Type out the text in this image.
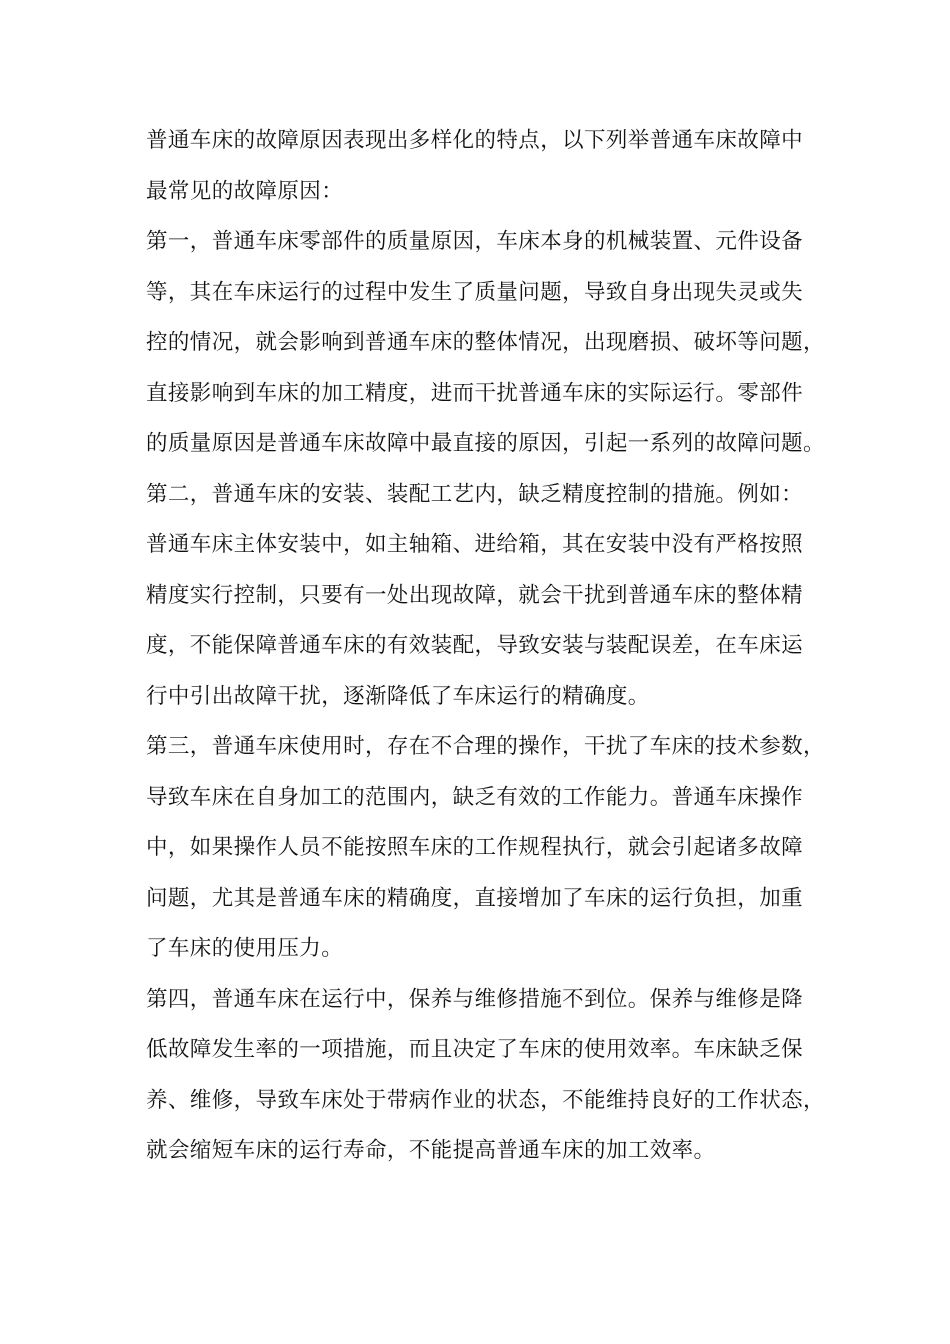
普通车床的故障原因表现出多样化的特点，以下列举普通车床故障中
最常见的故障原因：
第一，普通车床零部件的质量原因，车床本身的机械装置、元件设备
等，其在车床运行的过程中发生了质量问题，导致自身出现失灵或失
控的情况，就会影响到普通车床的整体情况，出现磨损、破坏等问题，
直接影响到车床的加工精度，进而干扰普通车床的实际运行。零部件
的质量原因是普通车床故障中最直接的原因，引起一系列的故障问题。
第二，普通车床的安装、装配工艺内，缺乏精度控制的措施。例如：
普通车床主体安装中，如主轴箱、进给箱，其在安装中没有严格按照
精度实行控制，只要有一处出现故障，就会干扰到普通车床的整体精
度，不能保障普通车床的有效装配，导致安装与装配误差，在车床运
行中引出故障干扰，逐渐降低了车床运行的精确度。
第三，普通车床使用时，存在不合理的操作，干扰了车床的技术参数，
导致车床在自身加工的范围内，缺乏有效的工作能力。普通车床操作
中，如果操作人员不能按照车床的工作规程执行，就会引起诸多故障
问题，尤其是普通车床的精确度，直接增加了车床的运行负担，加重
了车床的使用压力。
第四，普通车床在运行中，保养与维修措施不到位。保养与维修是降
低故障发生率的一项措施，而且决定了车床的使用效率。车床缺乏保
养、维修，导致车床处于带病作业的状态，不能维持良好的工作状态，
就会缩短车床的运行寿命，不能提高普通车床的加工效率。
